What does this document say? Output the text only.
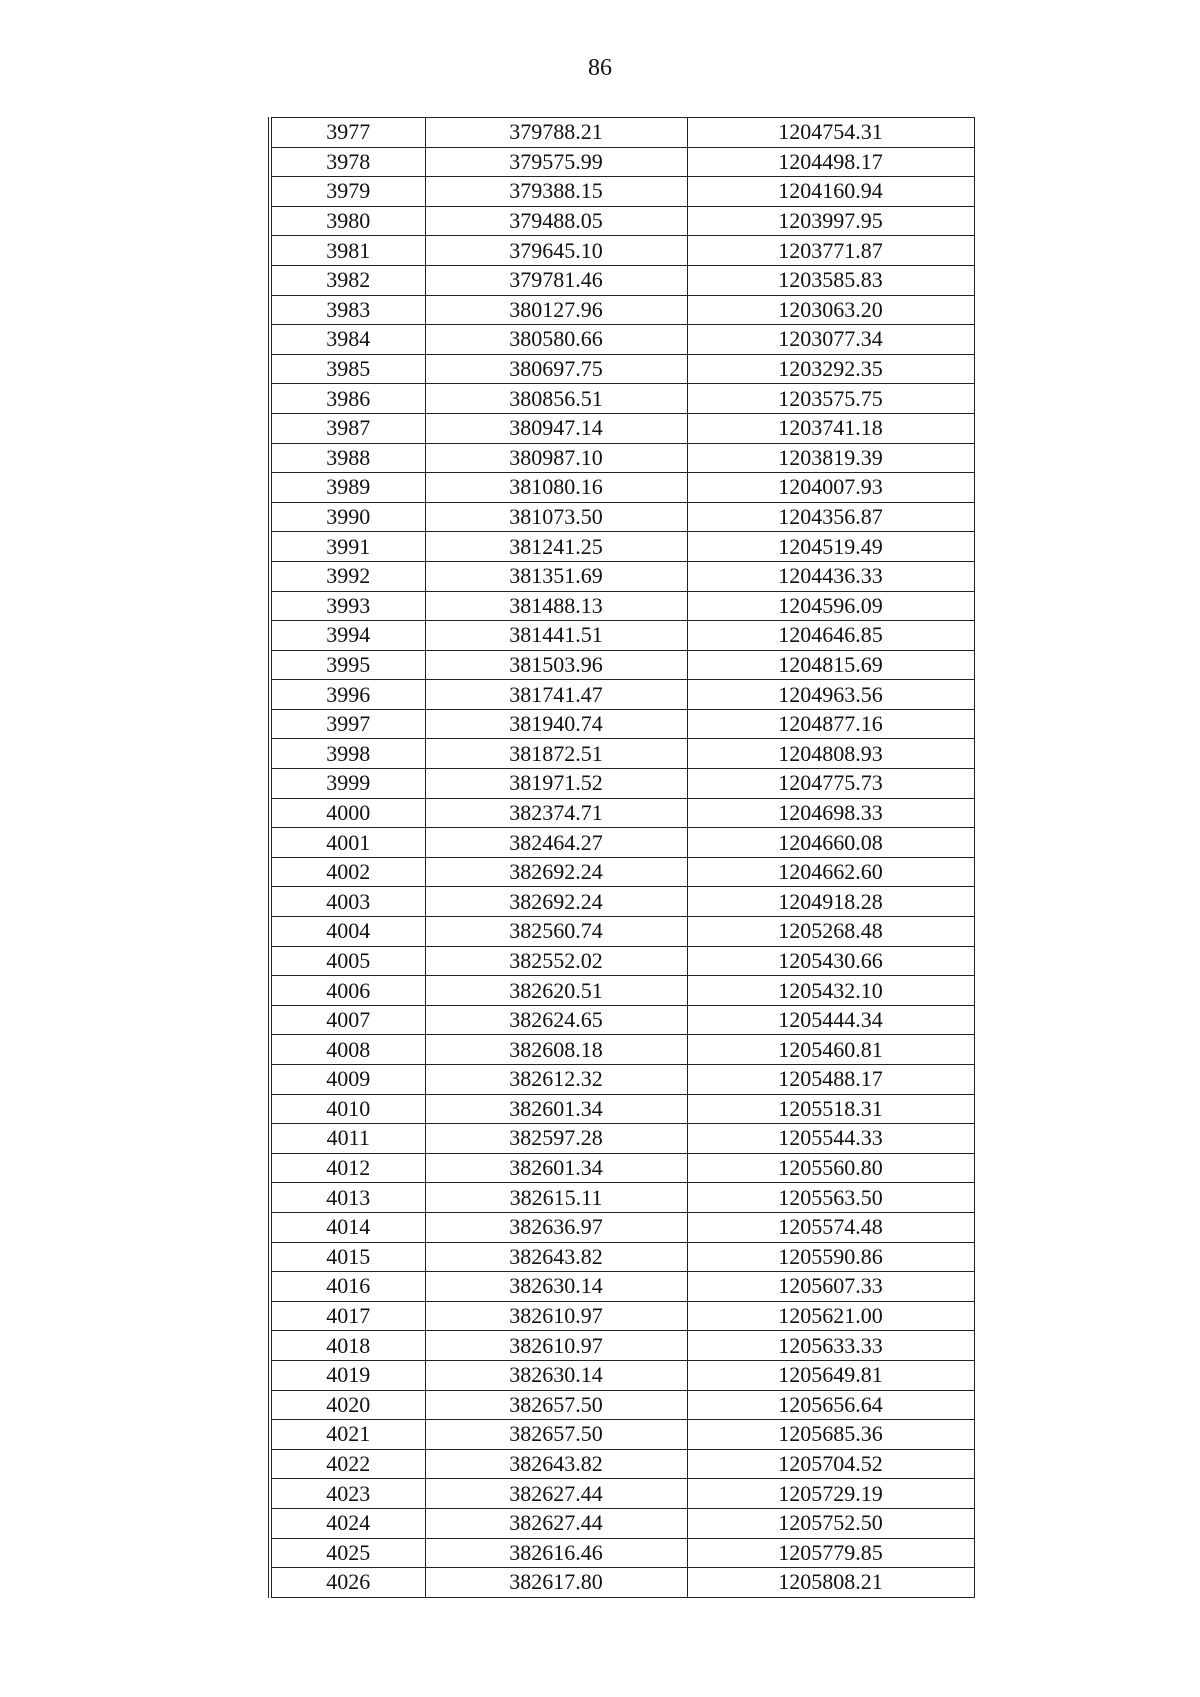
86
3977	379788.21	1204754.31
3978	379575.99	1204498.17
3979	379388.15	1204160.94
3980	379488.05	1203997.95
3981	379645.10	1203771.87
3982	379781.46	1203585.83
3983	380127.96	1203063.20
3984	380580.66	1203077.34
3985	380697.75	1203292.35
3986	380856.51	1203575.75
3987	380947.14	1203741.18
3988	380987.10	1203819.39
3989	381080.16	1204007.93
3990	381073.50	1204356.87
3991	381241.25	1204519.49
3992	381351.69	1204436.33
3993	381488.13	1204596.09
3994	381441.51	1204646.85
3995	381503.96	1204815.69
3996	381741.47	1204963.56
3997	381940.74	1204877.16
3998	381872.51	1204808.93
3999	381971.52	1204775.73
4000	382374.71	1204698.33
4001	382464.27	1204660.08
4002	382692.24	1204662.60
4003	382692.24	1204918.28
4004	382560.74	1205268.48
4005	382552.02	1205430.66
4006	382620.51	1205432.10
4007	382624.65	1205444.34
4008	382608.18	1205460.81
4009	382612.32	1205488.17
4010	382601.34	1205518.31
4011	382597.28	1205544.33
4012	382601.34	1205560.80
4013	382615.11	1205563.50
4014	382636.97	1205574.48
4015	382643.82	1205590.86
4016	382630.14	1205607.33
4017	382610.97	1205621.00
4018	382610.97	1205633.33
4019	382630.14	1205649.81
4020	382657.50	1205656.64
4021	382657.50	1205685.36
4022	382643.82	1205704.52
4023	382627.44	1205729.19
4024	382627.44	1205752.50
4025	382616.46	1205779.85
4026	382617.80	1205808.21
